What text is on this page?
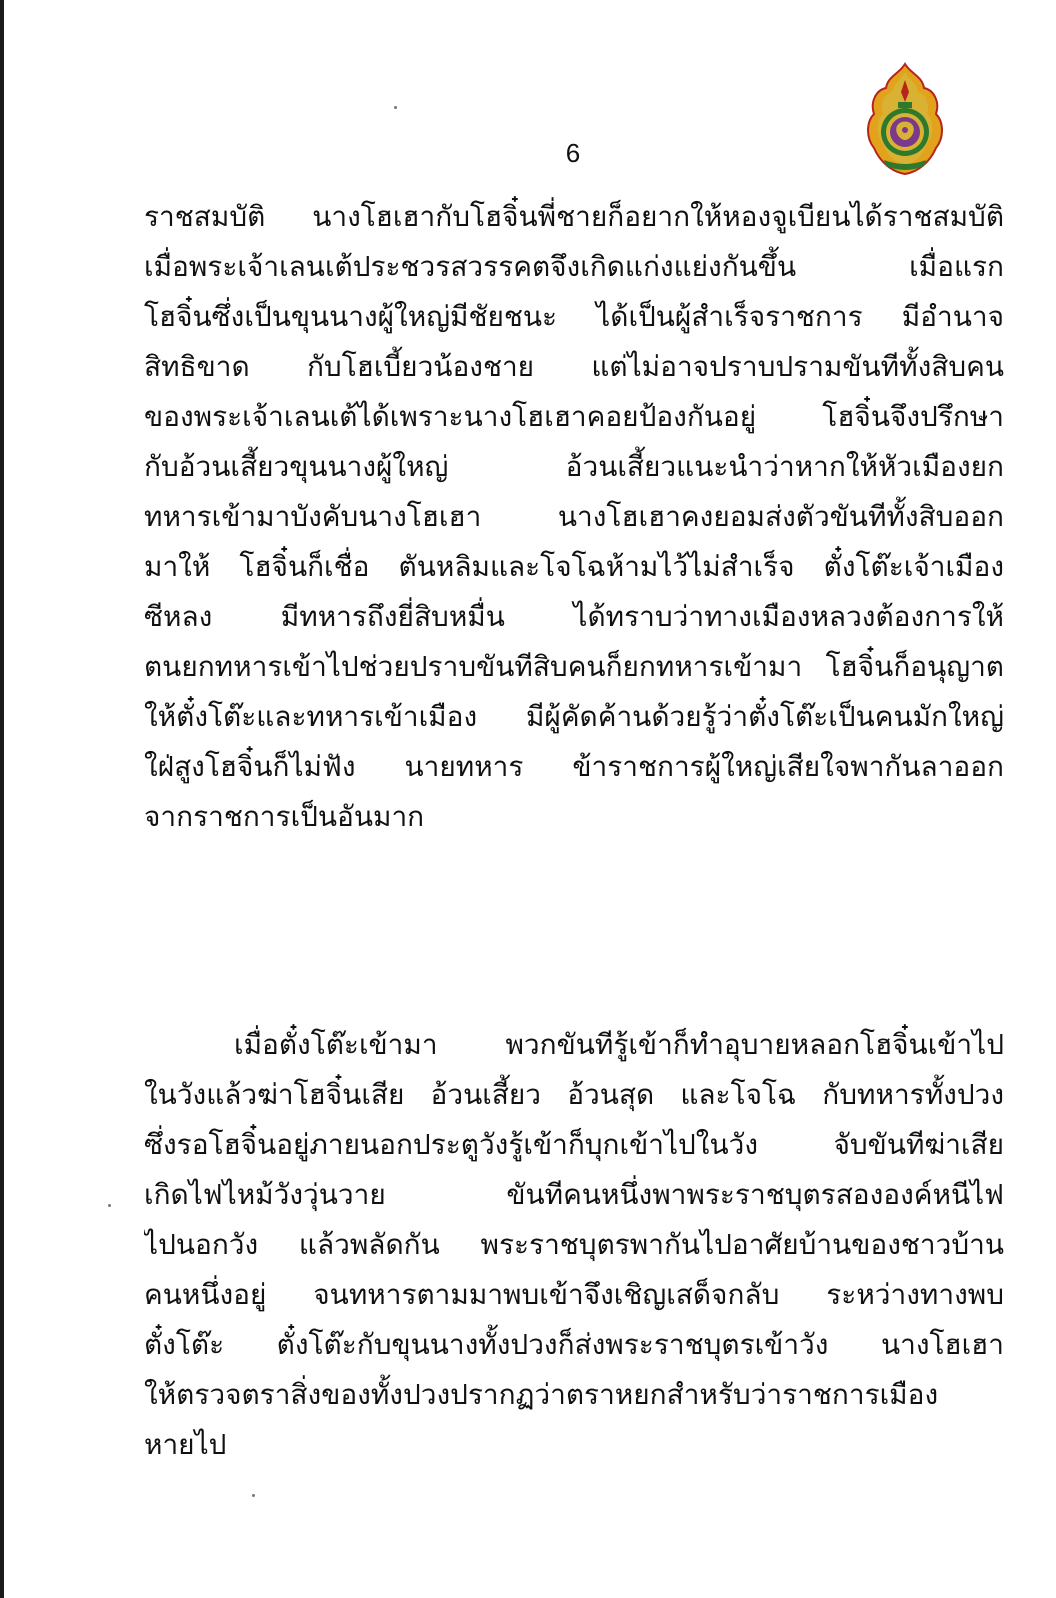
6
ราชสมบัติ นางโฮเฮากับโฮจิ๋นพี่ชายก็อยากให้หองจูเบียนได้ราชสมบัติ
เมื่อพระเจ้าเลนเต้ประชวรสวรรคตจึงเกิดแก่งแย่งกันขึ้น เมื่อแรก
โฮจิ๋นซึ่งเป็นขุนนางผู้ใหญ่มีชัยชนะ ได้เป็นผู้สำเร็จราชการ มีอำนาจ
สิทธิขาด กับโฮเบี้ยวน้องชาย แต่ไม่อาจปราบปรามขันทีทั้งสิบคน
ของพระเจ้าเลนเต้ได้เพราะนางโฮเฮาคอยป้องกันอยู่ โฮจิ๋นจึงปรึกษา
กับอ้วนเสี้ยวขุนนางผู้ใหญ่ อ้วนเสี้ยวแนะนำว่าหากให้หัวเมืองยก
ทหารเข้ามาบังคับนางโฮเฮา นางโฮเฮาคงยอมส่งตัวขันทีทั้งสิบออก
มาให้ โฮจิ๋นก็เชื่อ ตันหลิมและโจโฉห้ามไว้ไม่สำเร็จ ตั๋งโต๊ะเจ้าเมือง
ซีหลง มีทหารถึงยี่สิบหมื่น ได้ทราบว่าทางเมืองหลวงต้องการให้
ตนยกทหารเข้าไปช่วยปราบขันทีสิบคนก็ยกทหารเข้ามา โฮจิ๋นก็อนุญาต
ให้ตั๋งโต๊ะและทหารเข้าเมือง มีผู้คัดค้านด้วยรู้ว่าตั๋งโต๊ะเป็นคนมักใหญ่
ใฝ่สูงโฮจิ๋นก็ไม่ฟัง นายทหาร ข้าราชการผู้ใหญ่เสียใจพากันลาออก
จากราชการเป็นอันมาก
เมื่อตั๋งโต๊ะเข้ามา พวกขันทีรู้เข้าก็ทำอุบายหลอกโฮจิ๋นเข้าไป
ในวังแล้วฆ่าโฮจิ๋นเสีย อ้วนเสี้ยว อ้วนสุด และโจโฉ กับทหารทั้งปวง
ซึ่งรอโฮจิ๋นอยู่ภายนอกประตูวังรู้เข้าก็บุกเข้าไปในวัง จับขันทีฆ่าเสีย
เกิดไฟไหม้วังวุ่นวาย ขันทีคนหนึ่งพาพระราชบุตรสององค์หนีไฟ
ไปนอกวัง แล้วพลัดกัน พระราชบุตรพากันไปอาศัยบ้านของชาวบ้าน
คนหนึ่งอยู่ จนทหารตามมาพบเข้าจึงเชิญเสด็จกลับ ระหว่างทางพบ
ตั๋งโต๊ะ ตั๋งโต๊ะกับขุนนางทั้งปวงก็ส่งพระราชบุตรเข้าวัง นางโฮเฮา
ให้ตรวจตราสิ่งของทั้งปวงปรากฏว่าตราหยกสำหรับว่าราชการเมือง
หายไป
